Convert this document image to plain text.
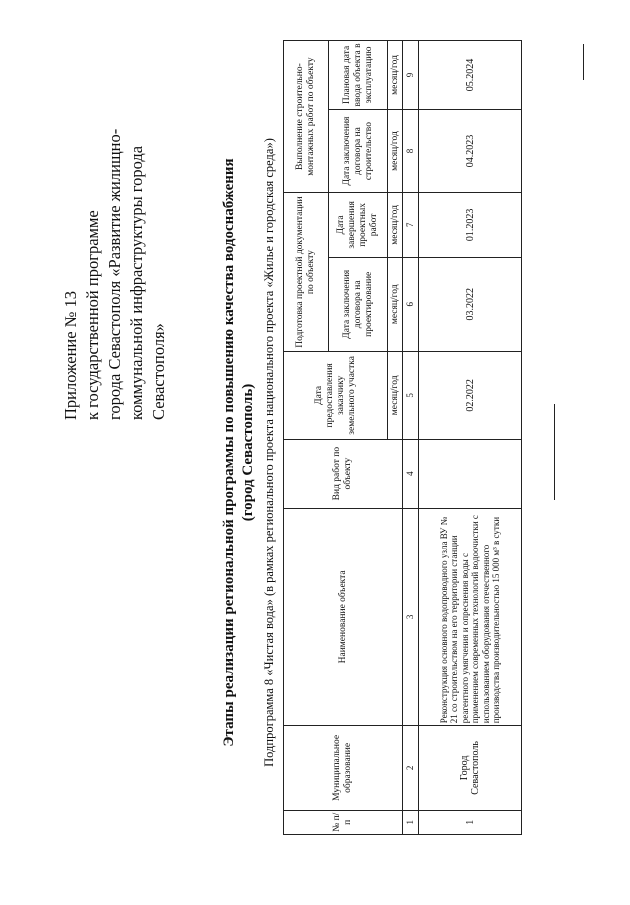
Приложение № 13 к государственной программе города Севастополя «Развитие жилищно- коммунальной инфраструктуры города Севастополя»	Этапы реализации региональной программы по повышению качества водоснабжения (город Севастополь) Подпрограмма 8 «Чистая вода» (в рамках регионального проекта национального проекта «Жилье и городская среда»)
№ п/п	Муниципальное образование	Наименование объекта	Вид работ по объекту	Дата предоставления заказчику земельного участка	Подготовка проектной документации по объекту		Выполнение строительно-монтажных работ по объекту	
					Дата заключения договора на проектирование	Дата завершения проектных работ	Дата заключения договора на строительство	Плановая дата ввода объекта в эксплуатацию
				месяц/год	месяц/год	месяц/год	месяц/год	месяц/год
1	2	3	4	5	6	7	8	9
1	Город Севастополь	Реконструкция основного водопроводного узла ВУ № 21 со строительством на его территории станции реагентного умягчения и опреснения воды с применением современных технологий водоочистки с использованием оборудования отечественного производства производительностью 15 000 м³ в сутки		02.2022	03.2022	01.2023	04.2023	05.2024
